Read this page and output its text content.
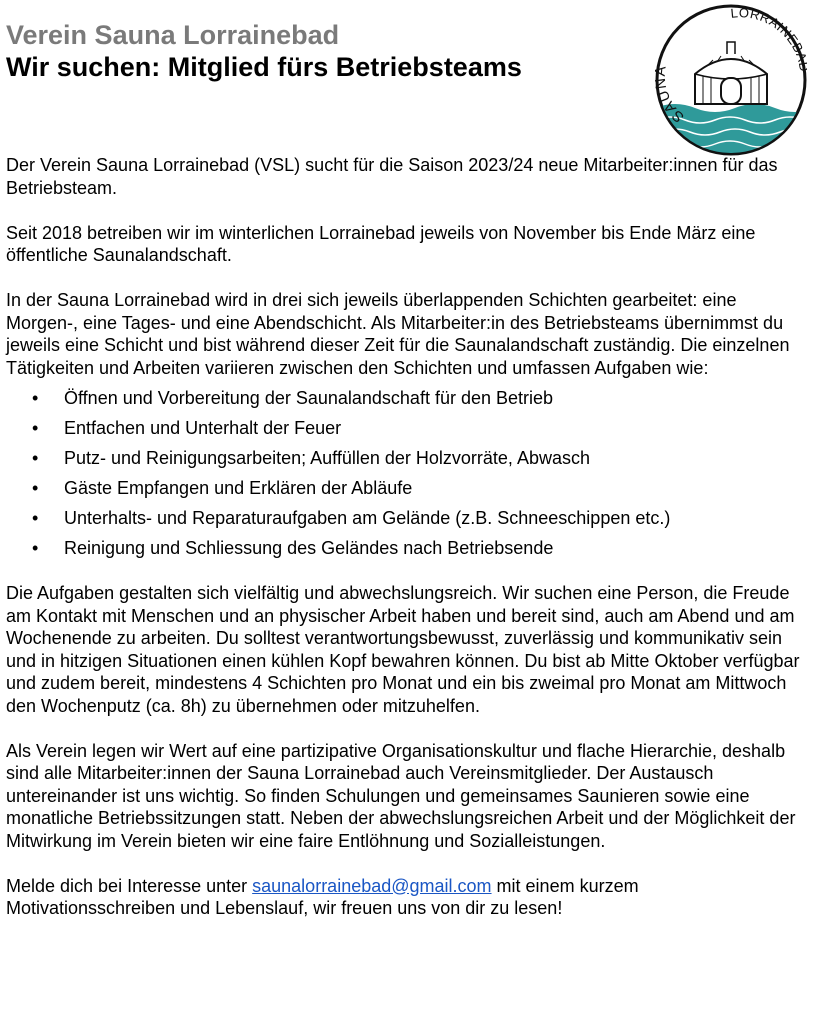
Verein Sauna Lorrainebad
Wir suchen: Mitglied fürs Betriebsteams
SAU
LORRAINEB

Der Verein Sauna Lorrainebad (VSL) sucht für die Saison 2023/24 neue Mitarbeiter:innen für das Betriebsteam.

Seit 2018 betreiben wir im winterlichen Lorrainebad jeweils von November bis Ende März eine öffentliche Saunalandschaft.

In der Sauna Lorrainebad wird in drei sich jeweils überlappenden Schichten gearbeitet: eine Morgen-, eine Tages- und eine Abendschicht. Als Mitarbeiter:in des Betriebsteams übernimmst du jeweils eine Schicht und bist während dieser Zeit für die Saunalandschaft zuständig. Die einzelnen Tätigkeiten und Arbeiten variieren zwischen den Schichten und umfassen Aufgaben wie:

• Öffnen und Vorbereitung der Saunalandschaft für den Betrieb
• Entfachen und Unterhalt der Feuer
• Putz- und Reinigungsarbeiten; Auffüllen der Holzvorräte, Abwasch
• Gäste Empfangen und Erklären der Abläufe
• Unterhalts- und Reparaturaufgaben am Gelände (z.B. Schneeschippen etc.)
• Reinigung und Schliessung des Geländes nach Betriebsende

Die Aufgaben gestalten sich vielfältig und abwechslungsreich. Wir suchen eine Person, die Freude am Kontakt mit Menschen und an physischer Arbeit haben und bereit sind, auch am Abend und am Wochenende zu arbeiten. Du solltest verantwortungsbewusst, zuverlässig und kommunikativ sein und in hitzigen Situationen einen kühlen Kopf bewahren können. Du bist ab Mitte Oktober verfügbar und zudem bereit, mindestens 4 Schichten pro Monat und ein bis zweimal pro Monat am Mittwoch den Wochenputz (ca. 8h) zu übernehmen oder mitzuhelfen.

Als Verein legen wir Wert auf eine partizipative Organisationskultur und flache Hierarchie, deshalb sind alle Mitarbeiter:innen der Sauna Lorrainebad auch Vereinsmitglieder. Der Austausch untereinander ist uns wichtig. So finden Schulungen und gemeinsames Saunieren sowie eine monatliche Betriebssitzungen statt. Neben der abwechslungsreichen Arbeit und der Möglichkeit der Mitwirkung im Verein bieten wir eine faire Entlöhnung und Sozialleistungen.

Melde dich bei Interesse unter saunalorrainebad@gmail.com mit einem kurzem Motivationsschreiben und Lebenslauf, wir freuen uns von dir zu lesen!
